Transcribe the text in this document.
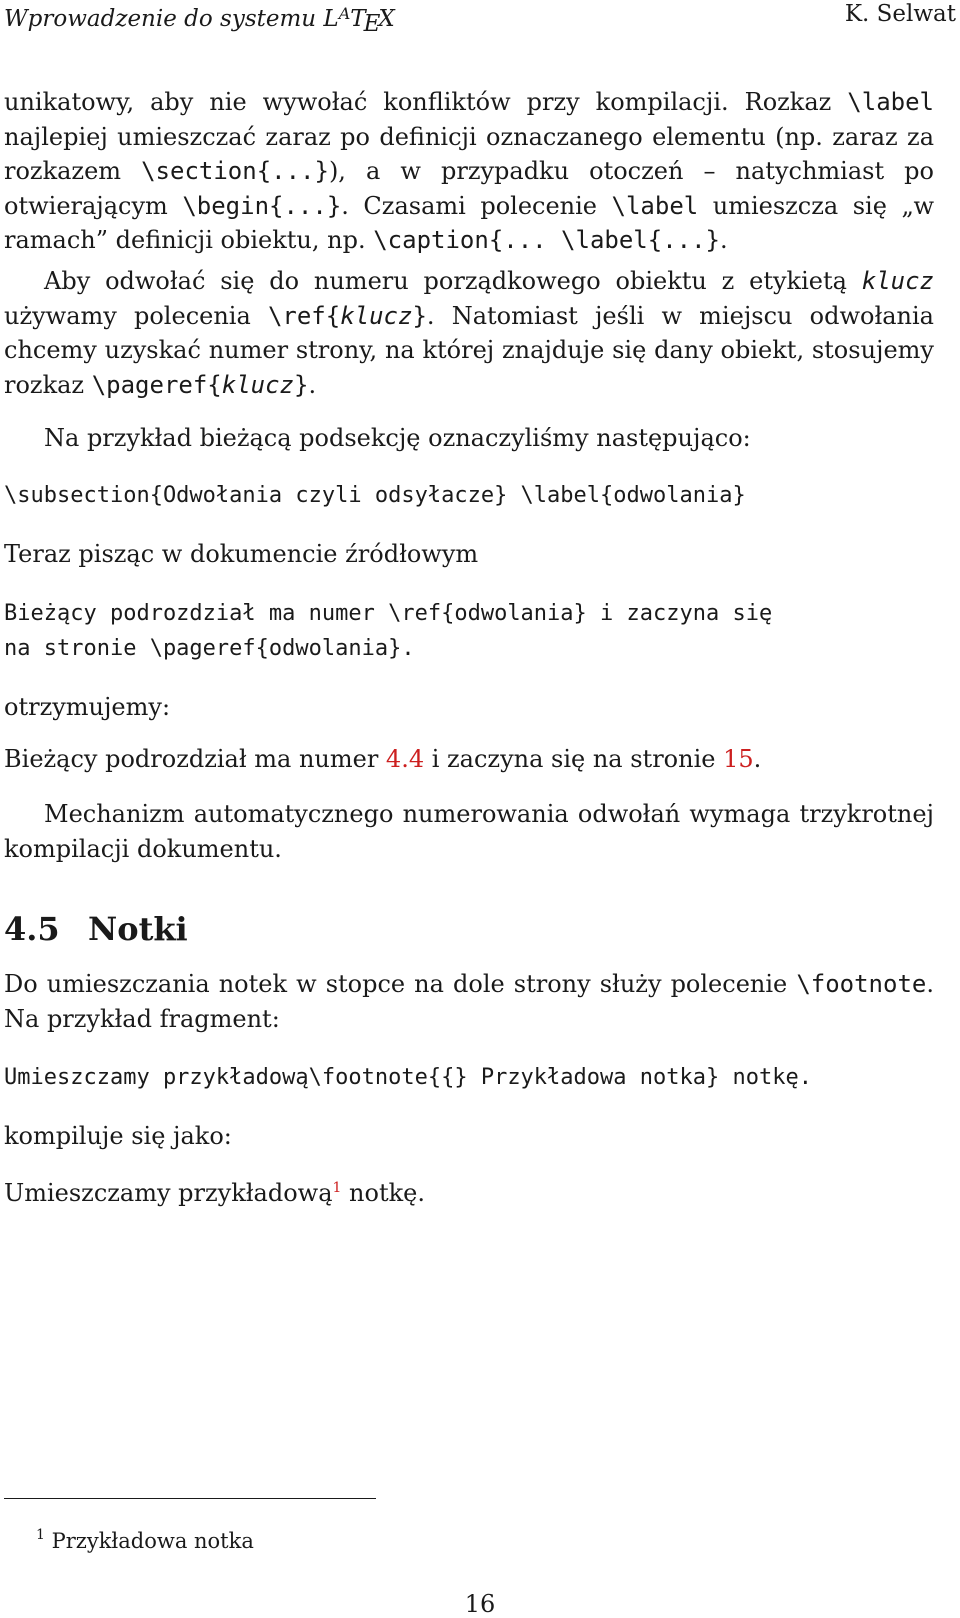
Wprowadzenie do systemu $L^ATEX$	K. Selwat
unikatowy, aby nie wywołać konfliktów przy kompilacji. Rozkaz \label najlepiej umieszczać zaraz po definicji oznaczanego elementu (np. zaraz za rozkazem \section{...}), a w przypadku otoczeń – natychmiast po otwierającym \begin{...}. Czasami polecenie \label umieszcza się „w ramach” definicji obiektu, np. \caption{... \label{...}.
Aby odwołać się do numeru porządkowego obiektu z etykietą klucz używamy polecenia \ref{klucz}. Natomiast jeśli w miejscu odwołania chcemy uzyskać numer strony, na której znajduje się dany obiekt, stosujemy rozkaz \pageref{klucz}.
Na przykład bieżącą podsekcję oznaczyliśmy następująco:
\subsection{Odwołania czyli odsyłacze} \label{odwolania}
Teraz pisząc w dokumencie źródłowym
Bieżący podrozdział ma numer \ref{odwolania} i zaczyna się
na stronie \pageref{odwolania}.
otrzymujemy:
Bieżący podrozdział ma numer 4.4 i zaczyna się na stronie 15.
Mechanizm automatycznego numerowania odwołań wymaga trzykrotnej kompilacji dokumentu.
4.5 Notki
Do umieszczania notek w stopce na dole strony służy polecenie \footnote. Na przykład fragment:
Umieszczamy przykładową\footnote{{} Przykładowa notka} notkę.
kompiluje się jako:
Umieszczamy przykładową$^1$ notkę.
$^1$ Przykładowa notka
16
